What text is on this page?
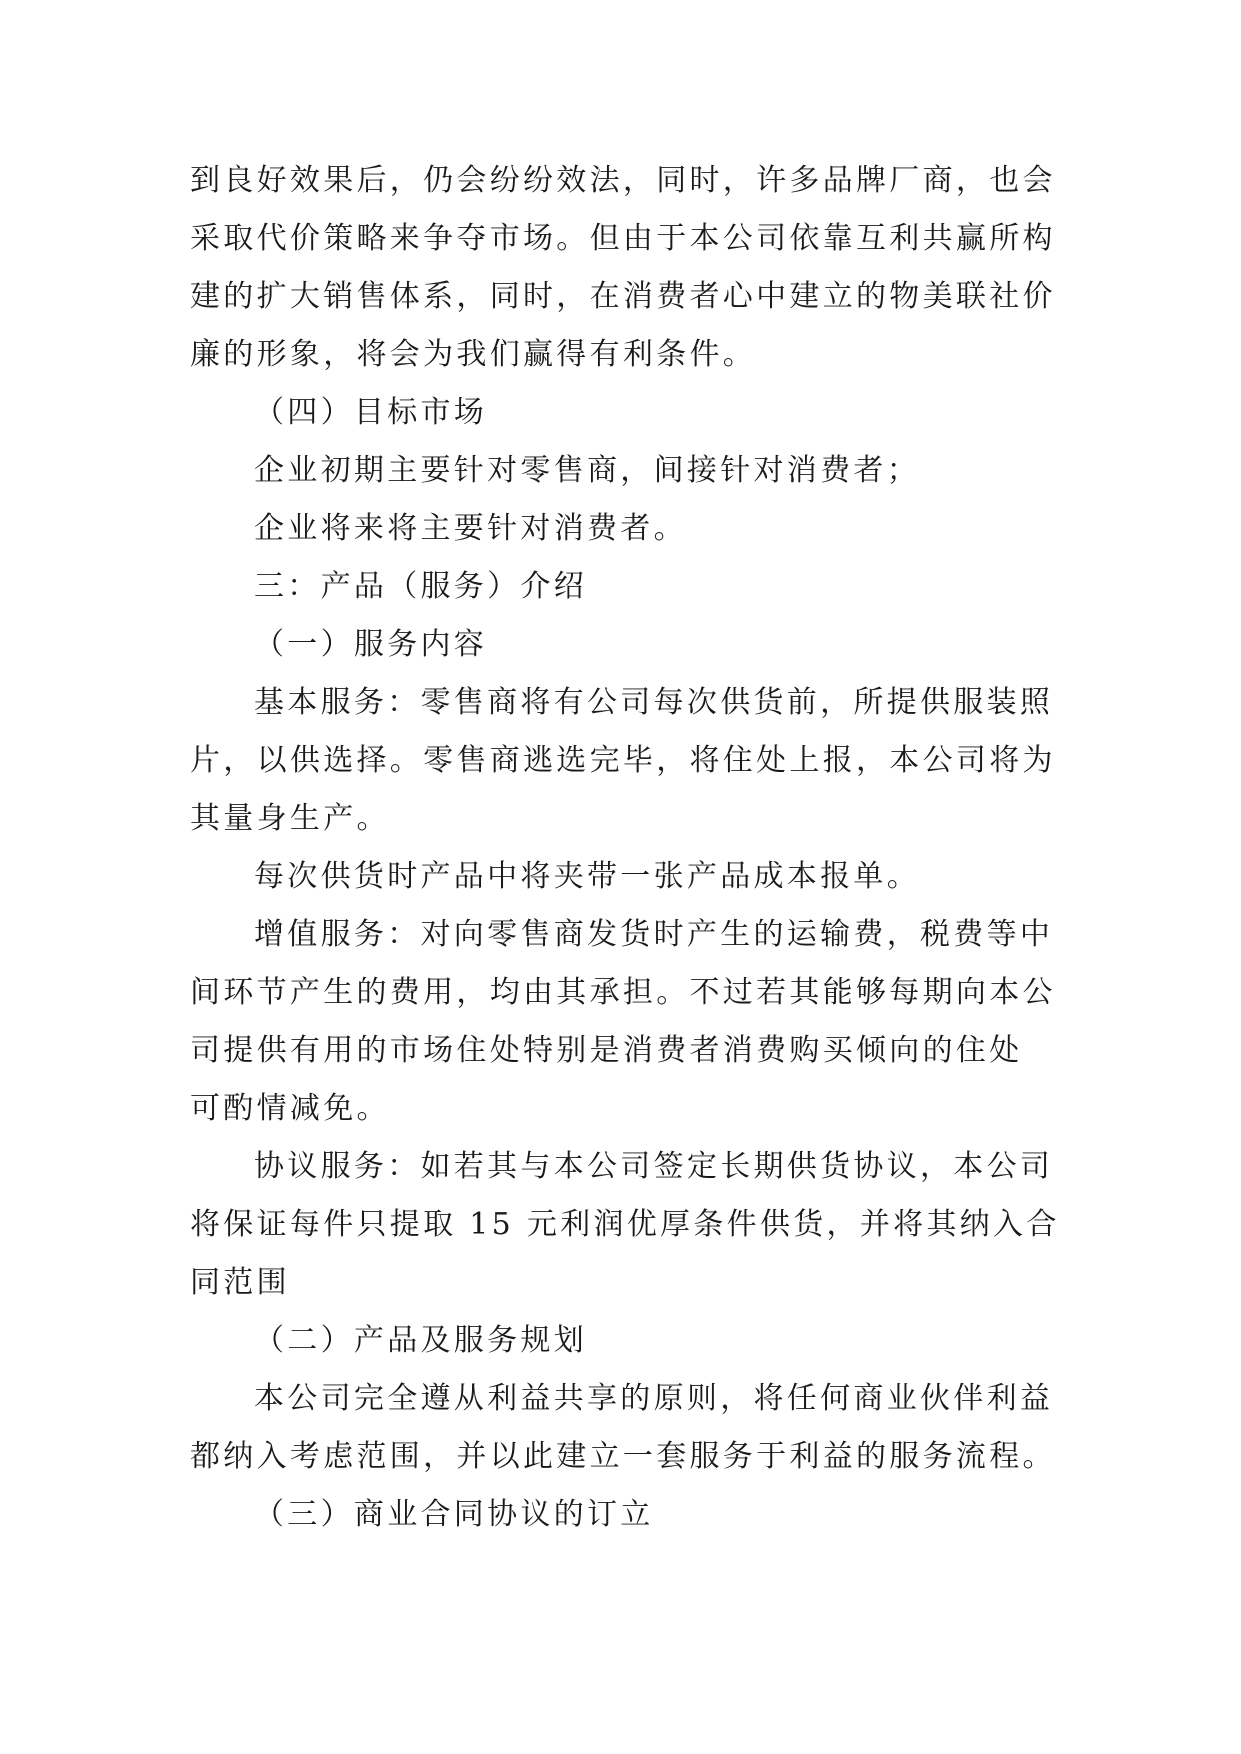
到良好效果后，仍会纷纷效法，同时，许多品牌厂商，也会
采取代价策略来争夺市场。但由于本公司依靠互利共赢所构
建的扩大销售体系，同时，在消费者心中建立的物美联社价
廉的形象，将会为我们赢得有利条件。
（四）目标市场
企业初期主要针对零售商，间接针对消费者；
企业将来将主要针对消费者。
三：产品（服务）介绍
（一）服务内容
基本服务：零售商将有公司每次供货前，所提供服装照
片，以供选择。零售商逃选完毕，将住处上报，本公司将为
其量身生产。
每次供货时产品中将夹带一张产品成本报单。
增值服务：对向零售商发货时产生的运输费，税费等中
间环节产生的费用，均由其承担。不过若其能够每期向本公
司提供有用的市场住处特别是消费者消费购买倾向的住处
可酌情减免。
协议服务：如若其与本公司签定长期供货协议，本公司
将保证每件只提取 15 元利润优厚条件供货，并将其纳入合
同范围
（二）产品及服务规划
本公司完全遵从利益共享的原则，将任何商业伙伴利益
都纳入考虑范围，并以此建立一套服务于利益的服务流程。
（三）商业合同协议的订立
